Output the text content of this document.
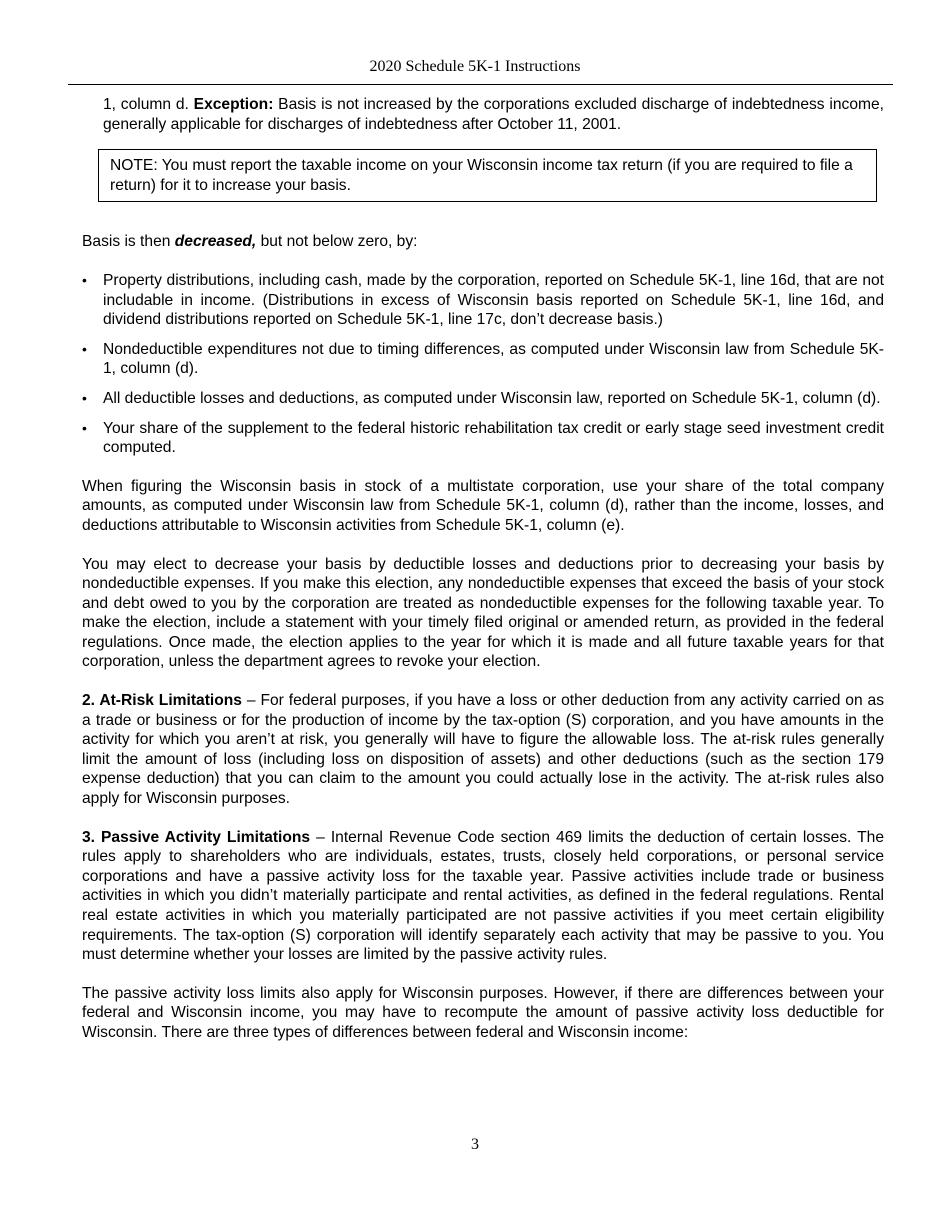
2020 Schedule 5K-1 Instructions

1, column d. Exception: Basis is not increased by the corporations excluded discharge of indebtedness income, generally applicable for discharges of indebtedness after October 11, 2001.

NOTE: You must report the taxable income on your Wisconsin income tax return (if you are required to file a return) for it to increase your basis.

Basis is then decreased, but not below zero, by:

• Property distributions, including cash, made by the corporation, reported on Schedule 5K-1, line 16d, that are not includable in income. (Distributions in excess of Wisconsin basis reported on Schedule 5K-1, line 16d, and dividend distributions reported on Schedule 5K-1, line 17c, don’t decrease basis.)
• Nondeductible expenditures not due to timing differences, as computed under Wisconsin law from Schedule 5K-1, column (d).
• All deductible losses and deductions, as computed under Wisconsin law, reported on Schedule 5K-1, column (d).
• Your share of the supplement to the federal historic rehabilitation tax credit or early stage seed investment credit computed.

When figuring the Wisconsin basis in stock of a multistate corporation, use your share of the total company amounts, as computed under Wisconsin law from Schedule 5K-1, column (d), rather than the income, losses, and deductions attributable to Wisconsin activities from Schedule 5K-1, column (e).

You may elect to decrease your basis by deductible losses and deductions prior to decreasing your basis by nondeductible expenses. If you make this election, any nondeductible expenses that exceed the basis of your stock and debt owed to you by the corporation are treated as nondeductible expenses for the following taxable year. To make the election, include a statement with your timely filed original or amended return, as provided in the federal regulations. Once made, the election applies to the year for which it is made and all future taxable years for that corporation, unless the department agrees to revoke your election.

2. At-Risk Limitations – For federal purposes, if you have a loss or other deduction from any activity carried on as a trade or business or for the production of income by the tax-option (S) corporation, and you have amounts in the activity for which you aren’t at risk, you generally will have to figure the allowable loss. The at-risk rules generally limit the amount of loss (including loss on disposition of assets) and other deductions (such as the section 179 expense deduction) that you can claim to the amount you could actually lose in the activity. The at-risk rules also apply for Wisconsin purposes.

3. Passive Activity Limitations – Internal Revenue Code section 469 limits the deduction of certain losses. The rules apply to shareholders who are individuals, estates, trusts, closely held corporations, or personal service corporations and have a passive activity loss for the taxable year. Passive activities include trade or business activities in which you didn’t materially participate and rental activities, as defined in the federal regulations. Rental real estate activities in which you materially participated are not passive activities if you meet certain eligibility requirements. The tax-option (S) corporation will identify separately each activity that may be passive to you. You must determine whether your losses are limited by the passive activity rules.

The passive activity loss limits also apply for Wisconsin purposes. However, if there are differences between your federal and Wisconsin income, you may have to recompute the amount of passive activity loss deductible for Wisconsin. There are three types of differences between federal and Wisconsin income:

3
